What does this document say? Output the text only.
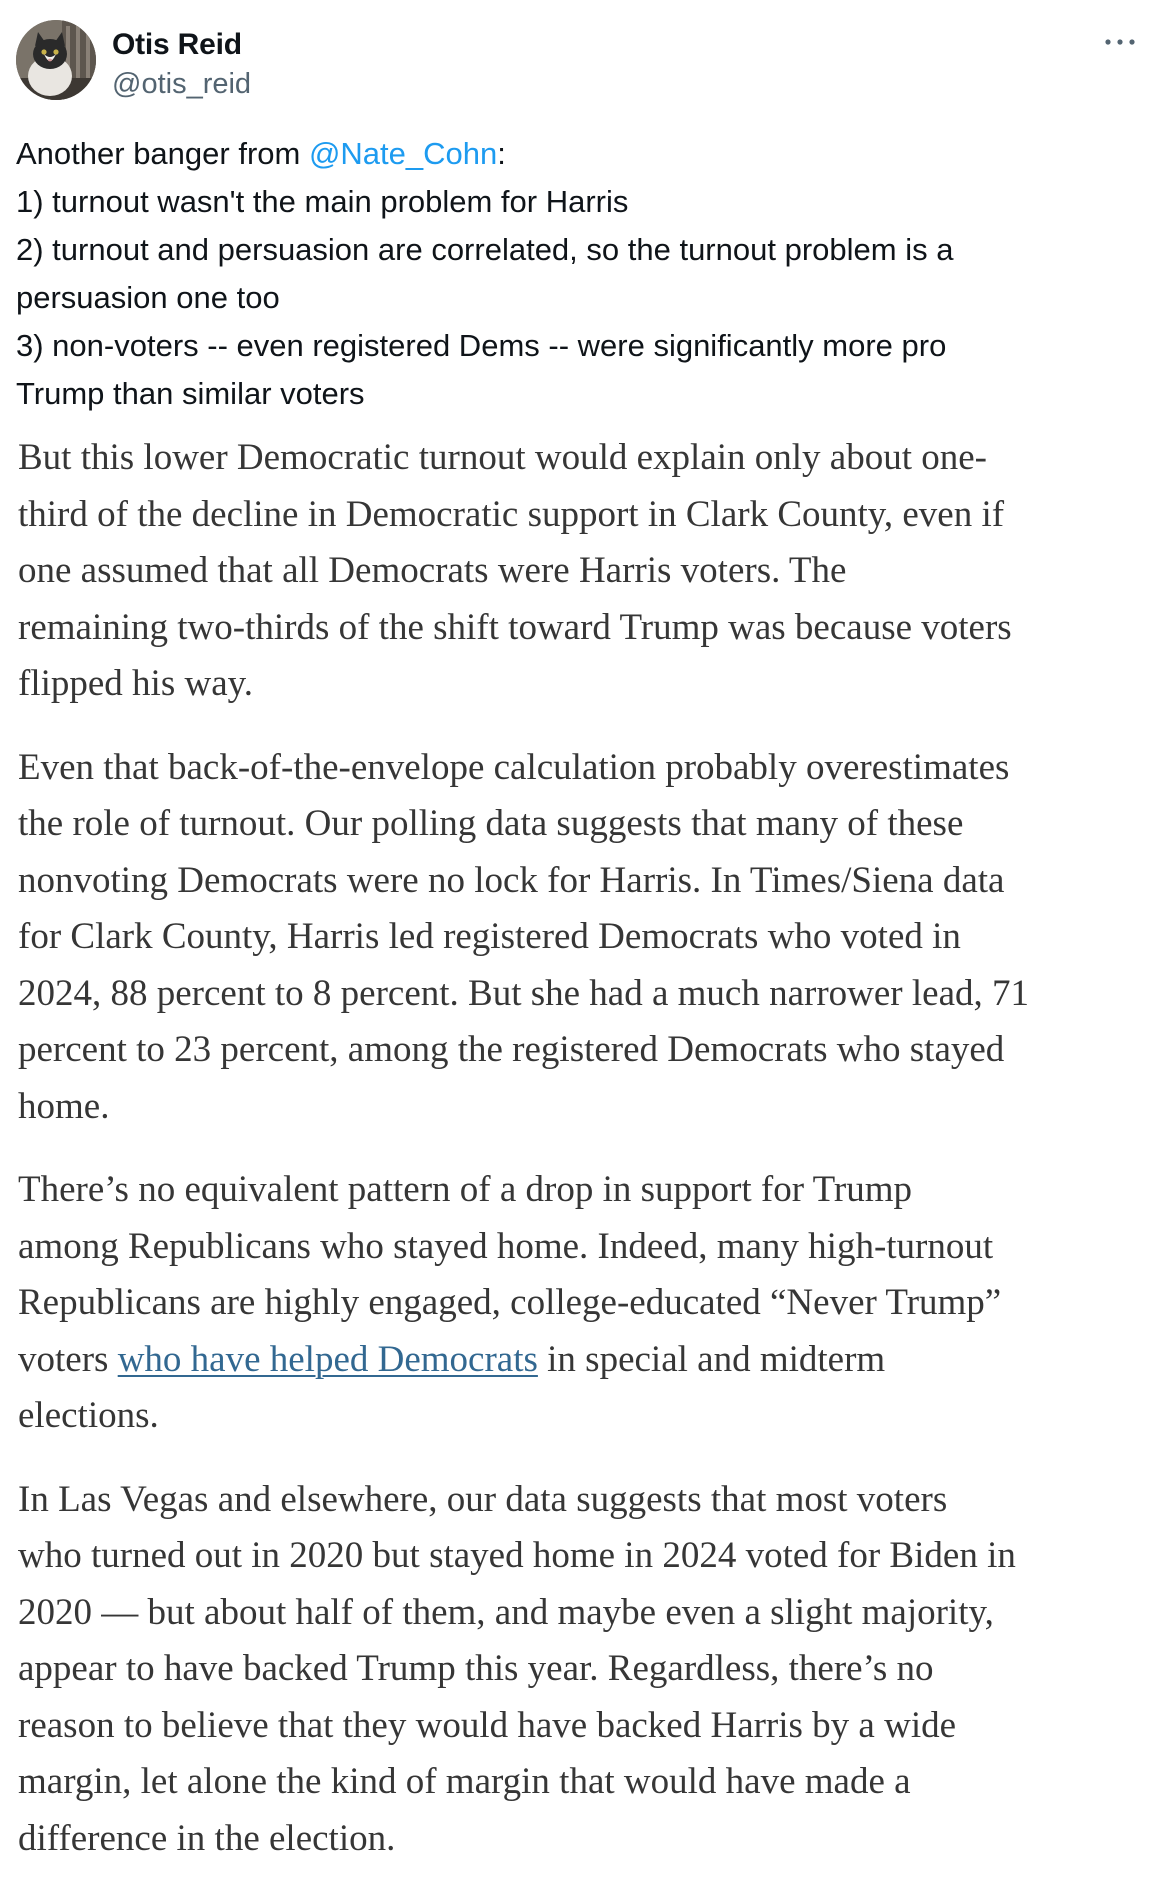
Otis Reid
@otis_reid
Another banger from @Nate_Cohn:
1) turnout wasn't the main problem for Harris
2) turnout and persuasion are correlated, so the turnout problem is a
persuasion one too
3) non-voters -- even registered Dems -- were significantly more pro
Trump than similar voters

But this lower Democratic turnout would explain only about one-
third of the decline in Democratic support in Clark County, even if
one assumed that all Democrats were Harris voters. The
remaining two-thirds of the shift toward Trump was because voters
flipped his way.

Even that back-of-the-envelope calculation probably overestimates
the role of turnout. Our polling data suggests that many of these
nonvoting Democrats were no lock for Harris. In Times/Siena data
for Clark County, Harris led registered Democrats who voted in
2024, 88 percent to 8 percent. But she had a much narrower lead, 71
percent to 23 percent, among the registered Democrats who stayed
home.

There’s no equivalent pattern of a drop in support for Trump
among Republicans who stayed home. Indeed, many high-turnout
Republicans are highly engaged, college-educated “Never Trump”
voters who have helped Democrats in special and midterm
elections.

In Las Vegas and elsewhere, our data suggests that most voters
who turned out in 2020 but stayed home in 2024 voted for Biden in
2020 — but about half of them, and maybe even a slight majority,
appear to have backed Trump this year. Regardless, there’s no
reason to believe that they would have backed Harris by a wide
margin, let alone the kind of margin that would have made a
difference in the election.
